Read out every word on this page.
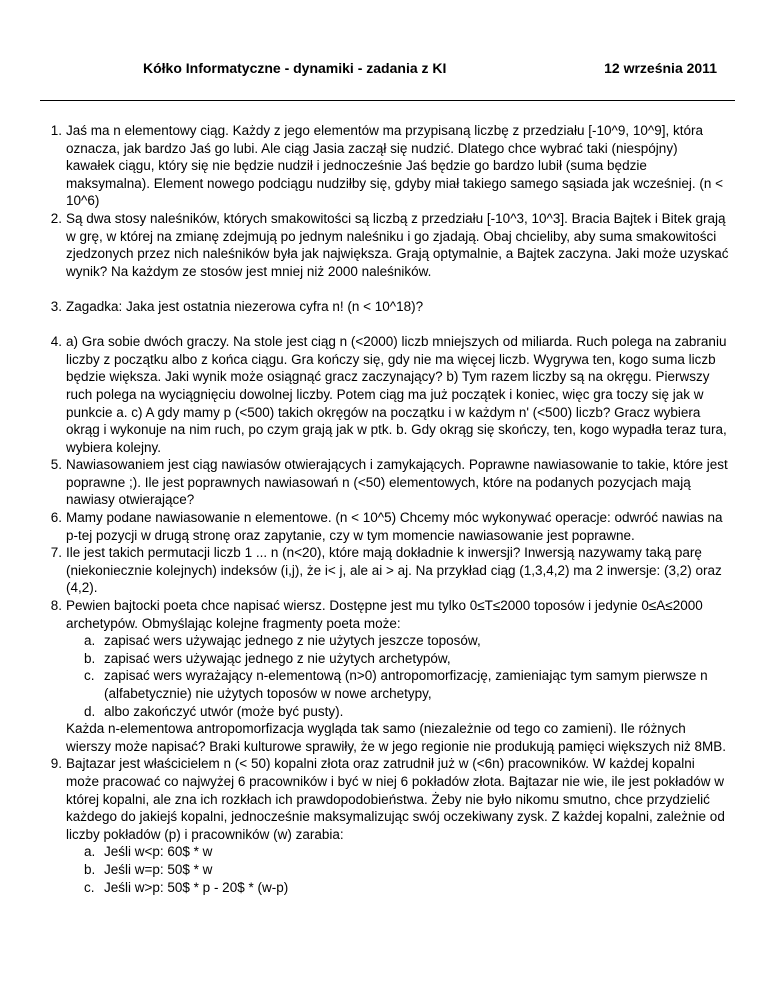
Kółko Informatyczne - dynamiki - zadania z KI	12 września 2011
1. Jaś ma n elementowy ciąg. Każdy z jego elementów ma przypisaną liczbę z przedziału [-10^9, 10^9], która oznacza, jak bardzo Jaś go lubi. Ale ciąg Jasia zaczął się nudzić. Dlatego chce wybrać taki (niespójny) kawałek ciągu, który się nie będzie nudził i jednocześnie Jaś będzie go bardzo lubił (suma będzie maksymalna). Element nowego podciągu nudziłby się, gdyby miał takiego samego sąsiada jak wcześniej. (n < 10^6)
2. Są dwa stosy naleśników, których smakowitości są liczbą z przedziału [-10^3, 10^3]. Bracia Bajtek i Bitek grają w grę, w której na zmianę zdejmują po jednym naleśniku i go zjadają. Obaj chcieliby, aby suma smakowitości zjedzonych przez nich naleśników była jak największa. Grają optymalnie, a Bajtek zaczyna. Jaki może uzyskać wynik? Na każdym ze stosów jest mniej niż 2000 naleśników.
3. Zagadka: Jaka jest ostatnia niezerowa cyfra n! (n < 10^18)?
4. a) Gra sobie dwóch graczy. Na stole jest ciąg n (<2000) liczb mniejszych od miliarda. Ruch polega na zabraniu liczby z początku albo z końca ciągu. Gra kończy się, gdy nie ma więcej liczb. Wygrywa ten, kogo suma liczb będzie większa. Jaki wynik może osiągnąć gracz zaczynający? b) Tym razem liczby są na okręgu. Pierwszy ruch polega na wyciągnięciu dowolnej liczby. Potem ciąg ma już początek i koniec, więc gra toczy się jak w punkcie a. c) A gdy mamy p (<500) takich okręgów na początku i w każdym n' (<500) liczb? Gracz wybiera okrąg i wykonuje na nim ruch, po czym grają jak w ptk. b. Gdy okrąg się skończy, ten, kogo wypadła teraz tura, wybiera kolejny.
5. Nawiasowaniem jest ciąg nawiasów otwierających i zamykających. Poprawne nawiasowanie to takie, które jest poprawne ;). Ile jest poprawnych nawiasowań n (<50) elementowych, które na podanych pozycjach mają nawiasy otwierające?
6. Mamy podane nawiasowanie n elementowe. (n < 10^5) Chcemy móc wykonywać operacje: odwróć nawias na p-tej pozycji w drugą stronę oraz zapytanie, czy w tym momencie nawiasowanie jest poprawne.
7. Ile jest takich permutacji liczb 1 ... n (n<20), które mają dokładnie k inwersji? Inwersją nazywamy taką parę (niekoniecznie kolejnych) indeksów (i,j), że i< j, ale ai > aj. Na przykład ciąg (1,3,4,2) ma 2 inwersje: (3,2) oraz (4,2).
8. Pewien bajtocki poeta chce napisać wiersz. Dostępne jest mu tylko 0≤T≤2000 toposów i jedynie 0≤A≤2000 archetypów. Obmyślając kolejne fragmenty poeta może:
a. zapisać wers używając jednego z nie użytych jeszcze toposów,
b. zapisać wers używając jednego z nie użytych archetypów,
c. zapisać wers wyrażający n-elementową (n>0) antropomorfizację, zamieniając tym samym pierwsze n (alfabetycznie) nie użytych toposów w nowe archetypy,
d. albo zakończyć utwór (może być pusty).
Każda n-elementowa antropomorfizacja wygląda tak samo (niezależnie od tego co zamieni). Ile różnych wierszy może napisać? Braki kulturowe sprawiły, że w jego regionie nie produkują pamięci większych niż 8MB.
9. Bajtazar jest właścicielem n (< 50) kopalni złota oraz zatrudnił już w (<6n) pracowników. W każdej kopalni może pracować co najwyżej 6 pracowników i być w niej 6 pokładów złota. Bajtazar nie wie, ile jest pokładów w której kopalni, ale zna ich rozkłach ich prawdopodobieństwa. Żeby nie było nikomu smutno, chce przydzielić każdego do jakiejś kopalni, jednocześnie maksymalizując swój oczekiwany zysk. Z każdej kopalni, zależnie od liczby pokładów (p) i pracowników (w) zarabia:
a. Jeśli w<p: 60$ * w
b. Jeśli w=p: 50$ * w
c. Jeśli w>p: 50$ * p - 20$ * (w-p)
